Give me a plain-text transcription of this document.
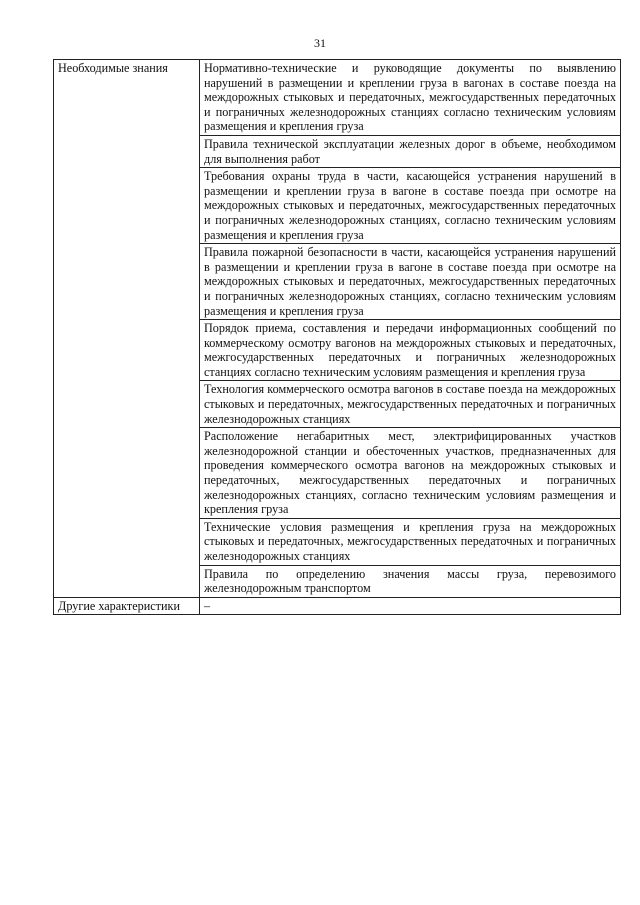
31
Необходимые знания	Нормативно-технические и руководящие документы по выявлению нарушений в размещении и креплении груза в вагонах в составе поезда на междорожных стыковых и передаточных, межгосударственных передаточных и пограничных железнодорожных станциях согласно техническим условиям размещения и крепления груза

	Правила технической эксплуатации железных дорог в объеме, необходимом для выполнения работ

	Требования охраны труда в части, касающейся устранения нарушений в размещении и креплении груза в вагоне в составе поезда при осмотре на междорожных стыковых и передаточных, межгосударственных передаточных и пограничных железнодорожных станциях, согласно техническим условиям размещения и крепления груза

	Правила пожарной безопасности в части, касающейся устранения нарушений в размещении и креплении груза в вагоне в составе поезда при осмотре на междорожных стыковых и передаточных, межгосударственных передаточных и пограничных железнодорожных станциях, согласно техническим условиям размещения и крепления груза

	Порядок приема, составления и передачи информационных сообщений по коммерческому осмотру вагонов на междорожных стыковых и передаточных, межгосударственных передаточных и пограничных железнодорожных станциях согласно техническим условиям размещения и крепления груза

	Технология коммерческого осмотра вагонов в составе поезда на междорожных стыковых и передаточных, межгосударственных передаточных и пограничных железнодорожных станциях

	Расположение негабаритных мест, электрифицированных участков железнодорожной станции и обесточенных участков, предназначенных для проведения коммерческого осмотра вагонов на междорожных стыковых и передаточных, межгосударственных передаточных и пограничных железнодорожных станциях, согласно техническим условиям размещения и крепления груза

	Технические условия размещения и крепления груза на междорожных стыковых и передаточных, межгосударственных передаточных и пограничных железнодорожных станциях

	Правила по определению значения массы груза, перевозимого железнодорожным транспортом

Другие характеристики	–
